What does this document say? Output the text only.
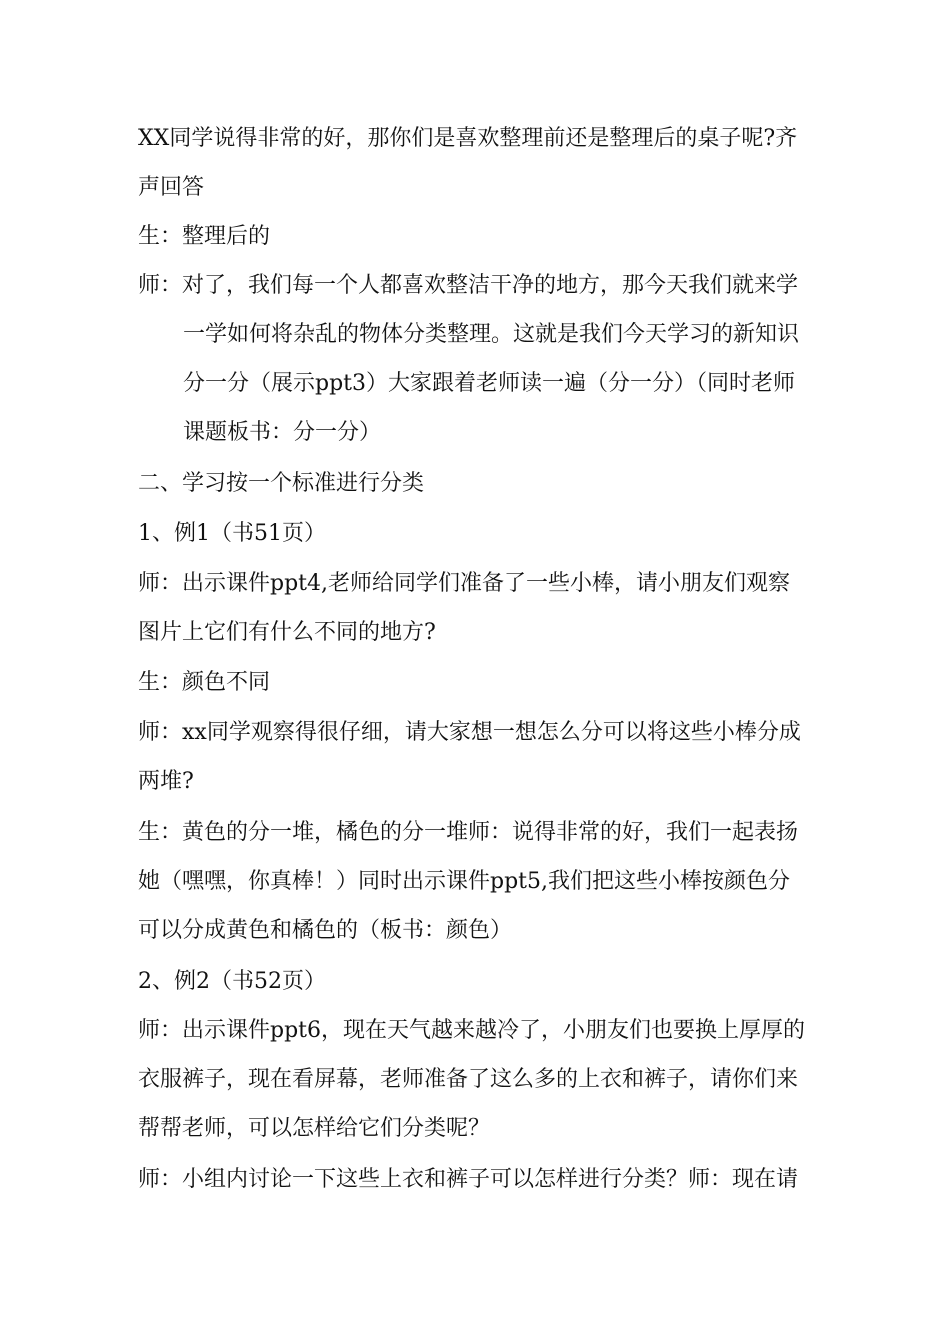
XX同学说得非常的好，那你们是喜欢整理前还是整理后的桌子呢?齐
声回答

生：整理后的

师：对了，我们每一个人都喜欢整洁干净的地方，那今天我们就来学
一学如何将杂乱的物体分类整理。这就是我们今天学习的新知识
分一分（展示ppt3）大家跟着老师读一遍（分一分）（同时老师
课题板书：分一分）

二、学习按一个标准进行分类

1、例1（书51页）

师：出示课件ppt4,老师给同学们准备了一些小棒，请小朋友们观察
图片上它们有什么不同的地方?

生：颜色不同

师：xx同学观察得很仔细，请大家想一想怎么分可以将这些小棒分成
两堆?

生：黄色的分一堆，橘色的分一堆师：说得非常的好，我们一起表扬
她（嘿嘿，你真棒！）同时出示课件ppt5,我们把这些小棒按颜色分
可以分成黄色和橘色的（板书：颜色）

2、例2（书52页）

师：出示课件ppt6，现在天气越来越冷了，小朋友们也要换上厚厚的
衣服裤子，现在看屏幕，老师准备了这么多的上衣和裤子，请你们来
帮帮老师，可以怎样给它们分类呢？

师：小组内讨论一下这些上衣和裤子可以怎样进行分类？师：现在请
